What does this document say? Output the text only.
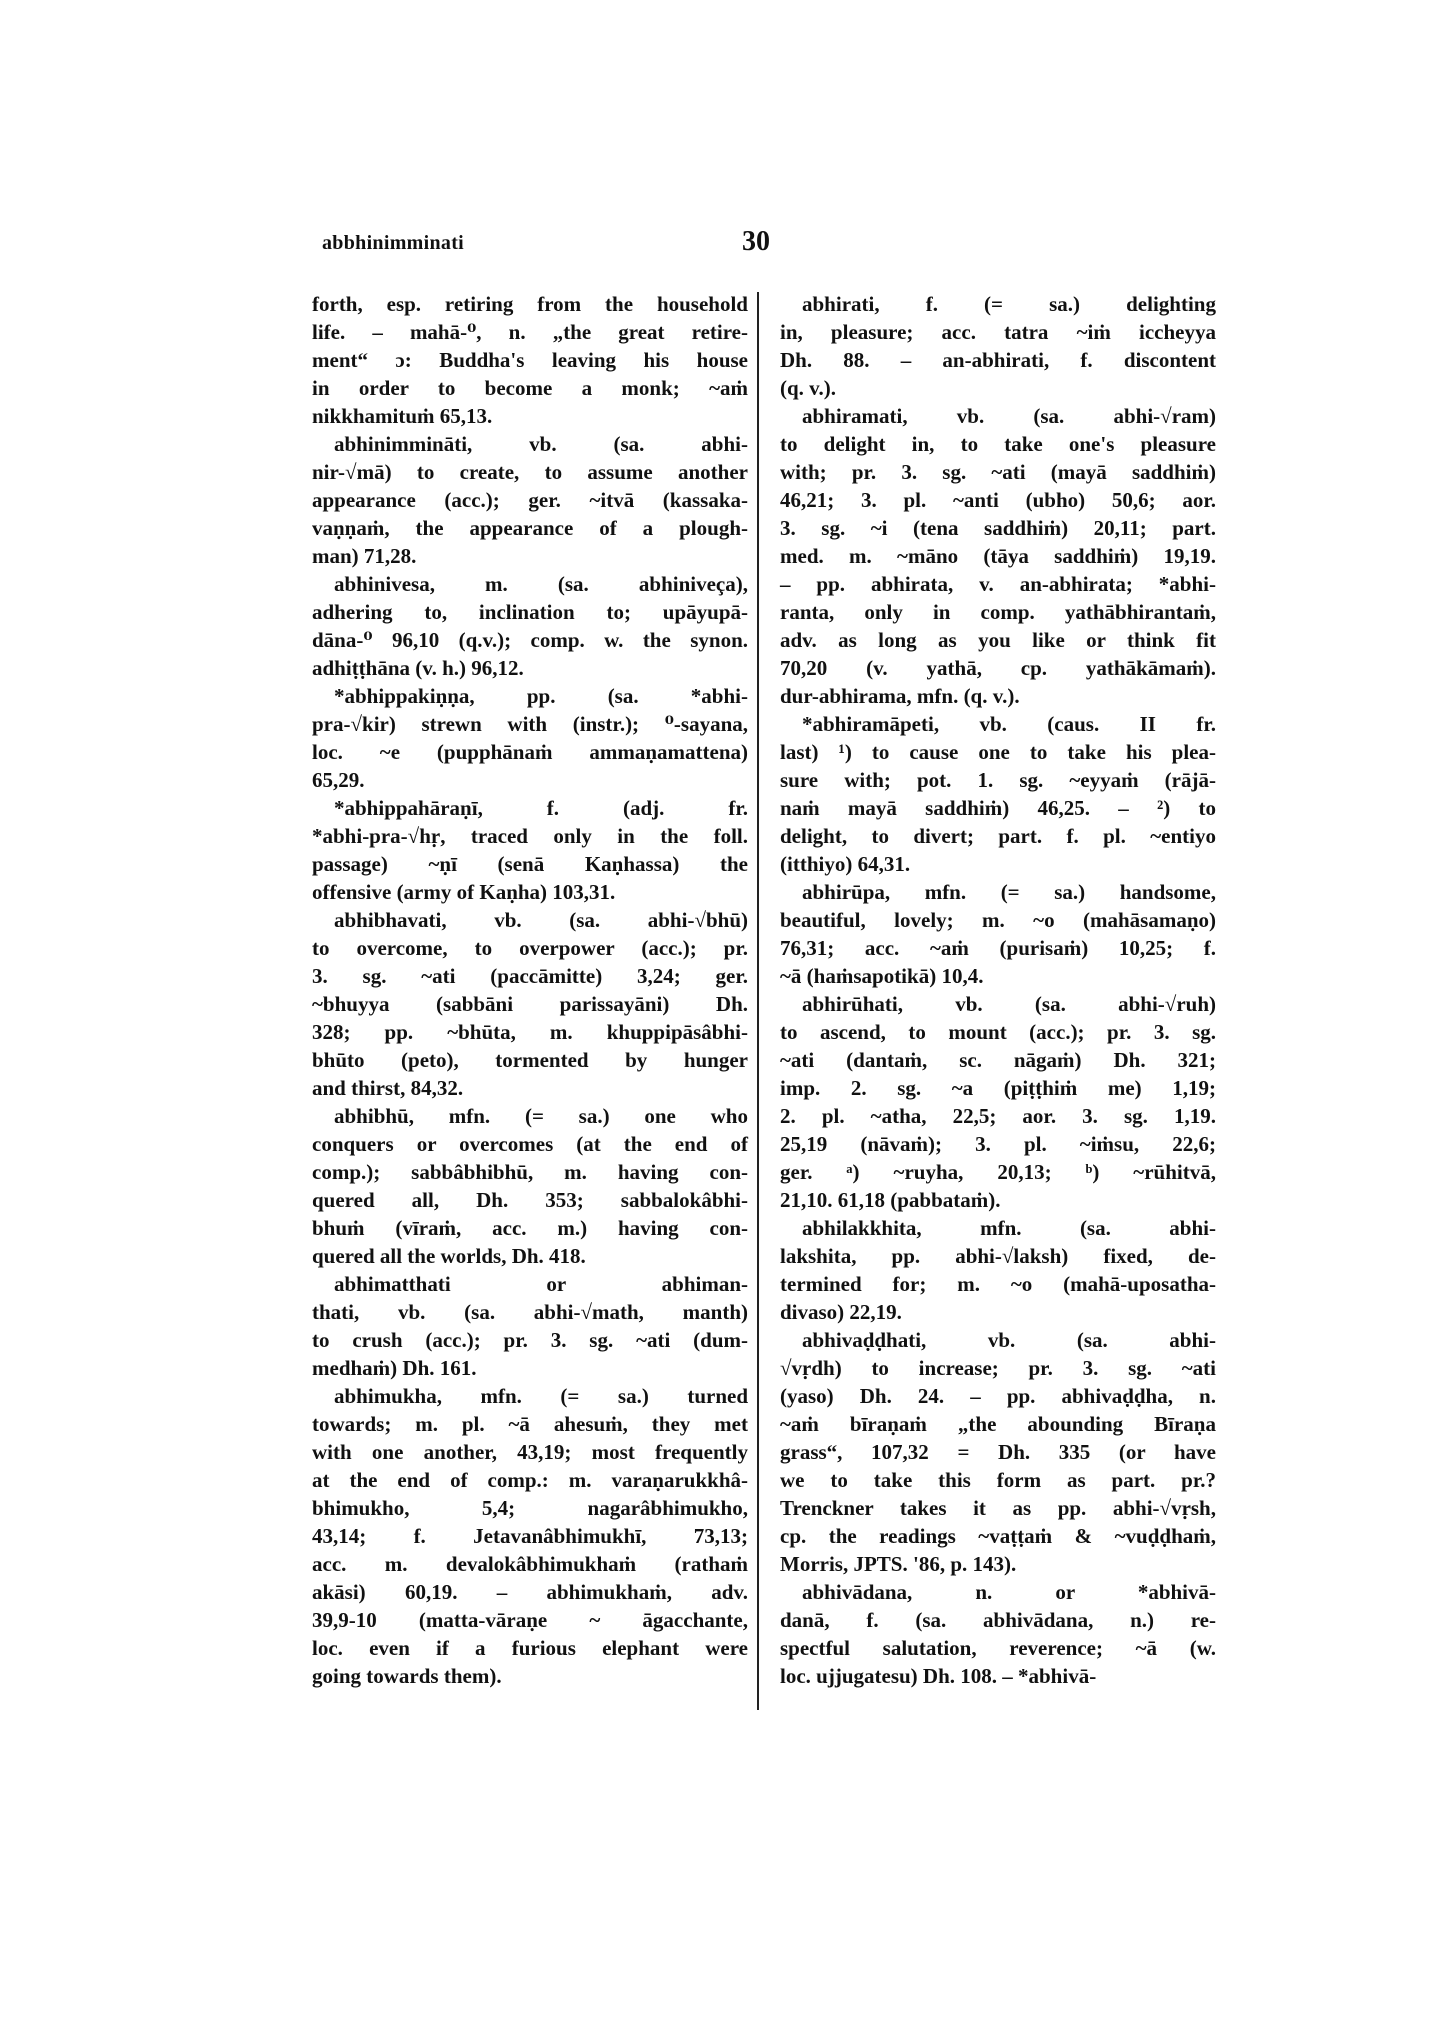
abbhinimminati	30
forth, esp. retiring from the household
life. – mahā-⁰, n. „the great retire-
ment“ ɔ: Buddha's leaving his house
in order to become a monk; ~aṁ
nikkhamituṁ 65,13.
abhinimmināti, vb. (sa. abhi-
nir-√mā) to create, to assume another
appearance (acc.); ger. ~itvā (kassaka-
vaṇṇaṁ, the appearance of a plough-
man) 71,28.
abhinivesa, m. (sa. abhiniveça),
adhering to, inclination to; upāyupā-
dāna-⁰ 96,10 (q.v.); comp. w. the synon.
adhiṭṭhāna (v. h.) 96,12.
*abhippakiṇṇa, pp. (sa. *abhi-
pra-√kir) strewn with (instr.); ⁰-sayana,
loc. ~e (pupphānaṁ ammaṇamattena)
65,29.
*abhippahāraṇī, f. (adj. fr.
*abhi-pra-√hṛ, traced only in the foll.
passage) ~ṇī (senā Kaṇhassa) the
offensive (army of Kaṇha) 103,31.
abhibhavati, vb. (sa. abhi-√bhū)
to overcome, to overpower (acc.); pr.
3. sg. ~ati (paccāmitte) 3,24; ger.
~bhuyya (sabbāni parissayāni) Dh.
328; pp. ~bhūta, m. khuppipāsâbhi-
bhūto (peto), tormented by hunger
and thirst, 84,32.
abhibhū, mfn. (= sa.) one who
conquers or overcomes (at the end of
comp.); sabbâbhibhū, m. having con-
quered all, Dh. 353; sabbalokâbhi-
bhuṁ (vīraṁ, acc. m.) having con-
quered all the worlds, Dh. 418.
abhimatthati or abhiman-
thati, vb. (sa. abhi-√math, manth)
to crush (acc.); pr. 3. sg. ~ati (dum-
medhaṁ) Dh. 161.
abhimukha, mfn. (= sa.) turned
towards; m. pl. ~ā ahesuṁ, they met
with one another, 43,19; most frequently
at the end of comp.: m. varaṇarukkhâ-
bhimukho, 5,4; nagarâbhimukho,
43,14; f. Jetavanâbhimukhī, 73,13;
acc. m. devalokâbhimukhaṁ (rathaṁ
akāsi) 60,19. – abhimukhaṁ, adv.
39,9-10 (matta-vāraṇe ~ āgacchante,
loc. even if a furious elephant were
going towards them).
abhirati, f. (= sa.) delighting
in, pleasure; acc. tatra ~iṁ iccheyya
Dh. 88. – an-abhirati, f. discontent
(q. v.).
abhiramati, vb. (sa. abhi-√ram)
to delight in, to take one's pleasure
with; pr. 3. sg. ~ati (mayā saddhiṁ)
46,21; 3. pl. ~anti (ubho) 50,6; aor.
3. sg. ~i (tena saddhiṁ) 20,11; part.
med. m. ~māno (tāya saddhiṁ) 19,19.
– pp. abhirata, v. an-abhirata; *abhi-
ranta, only in comp. yathābhirantaṁ,
adv. as long as you like or think fit
70,20 (v. yathā, cp. yathākāmaṁ).
dur-abhirama, mfn. (q. v.).
*abhiramāpeti, vb. (caus. II fr.
last) ¹) to cause one to take his plea-
sure with; pot. 1. sg. ~eyyaṁ (rājā-
naṁ mayā saddhiṁ) 46,25. – ²) to
delight, to divert; part. f. pl. ~entiyo
(itthiyo) 64,31.
abhirūpa, mfn. (= sa.) handsome,
beautiful, lovely; m. ~o (mahāsamaṇo)
76,31; acc. ~aṁ (purisaṁ) 10,25; f.
~ā (haṁsapotikā) 10,4.
abhirūhati, vb. (sa. abhi-√ruh)
to ascend, to mount (acc.); pr. 3. sg.
~ati (dantaṁ, sc. nāgaṁ) Dh. 321;
imp. 2. sg. ~a (piṭṭhiṁ me) 1,19;
2. pl. ~atha, 22,5; aor. 3. sg. 1,19.
25,19 (nāvaṁ); 3. pl. ~iṁsu, 22,6;
ger. ᵃ) ~ruyha, 20,13; ᵇ) ~rūhitvā,
21,10. 61,18 (pabbataṁ).
abhilakkhita, mfn. (sa. abhi-
lakshita, pp. abhi-√laksh) fixed, de-
termined for; m. ~o (mahā-uposatha-
divaso) 22,19.
abhivaḍḍhati, vb. (sa. abhi-
√vṛdh) to increase; pr. 3. sg. ~ati
(yaso) Dh. 24. – pp. abhivaḍḍha, n.
~aṁ bīraṇaṁ „the abounding Bīraṇa
grass“, 107,32 = Dh. 335 (or have
we to take this form as part. pr.?
Trenckner takes it as pp. abhi-√vṛsh,
cp. the readings ~vaṭṭaṁ & ~vuḍḍhaṁ,
Morris, JPTS. '86, p. 143).
abhivādana, n. or *abhivā-
danā, f. (sa. abhivādana, n.) re-
spectful salutation, reverence; ~ā (w.
loc. ujjugatesu) Dh. 108. – *abhivā-
